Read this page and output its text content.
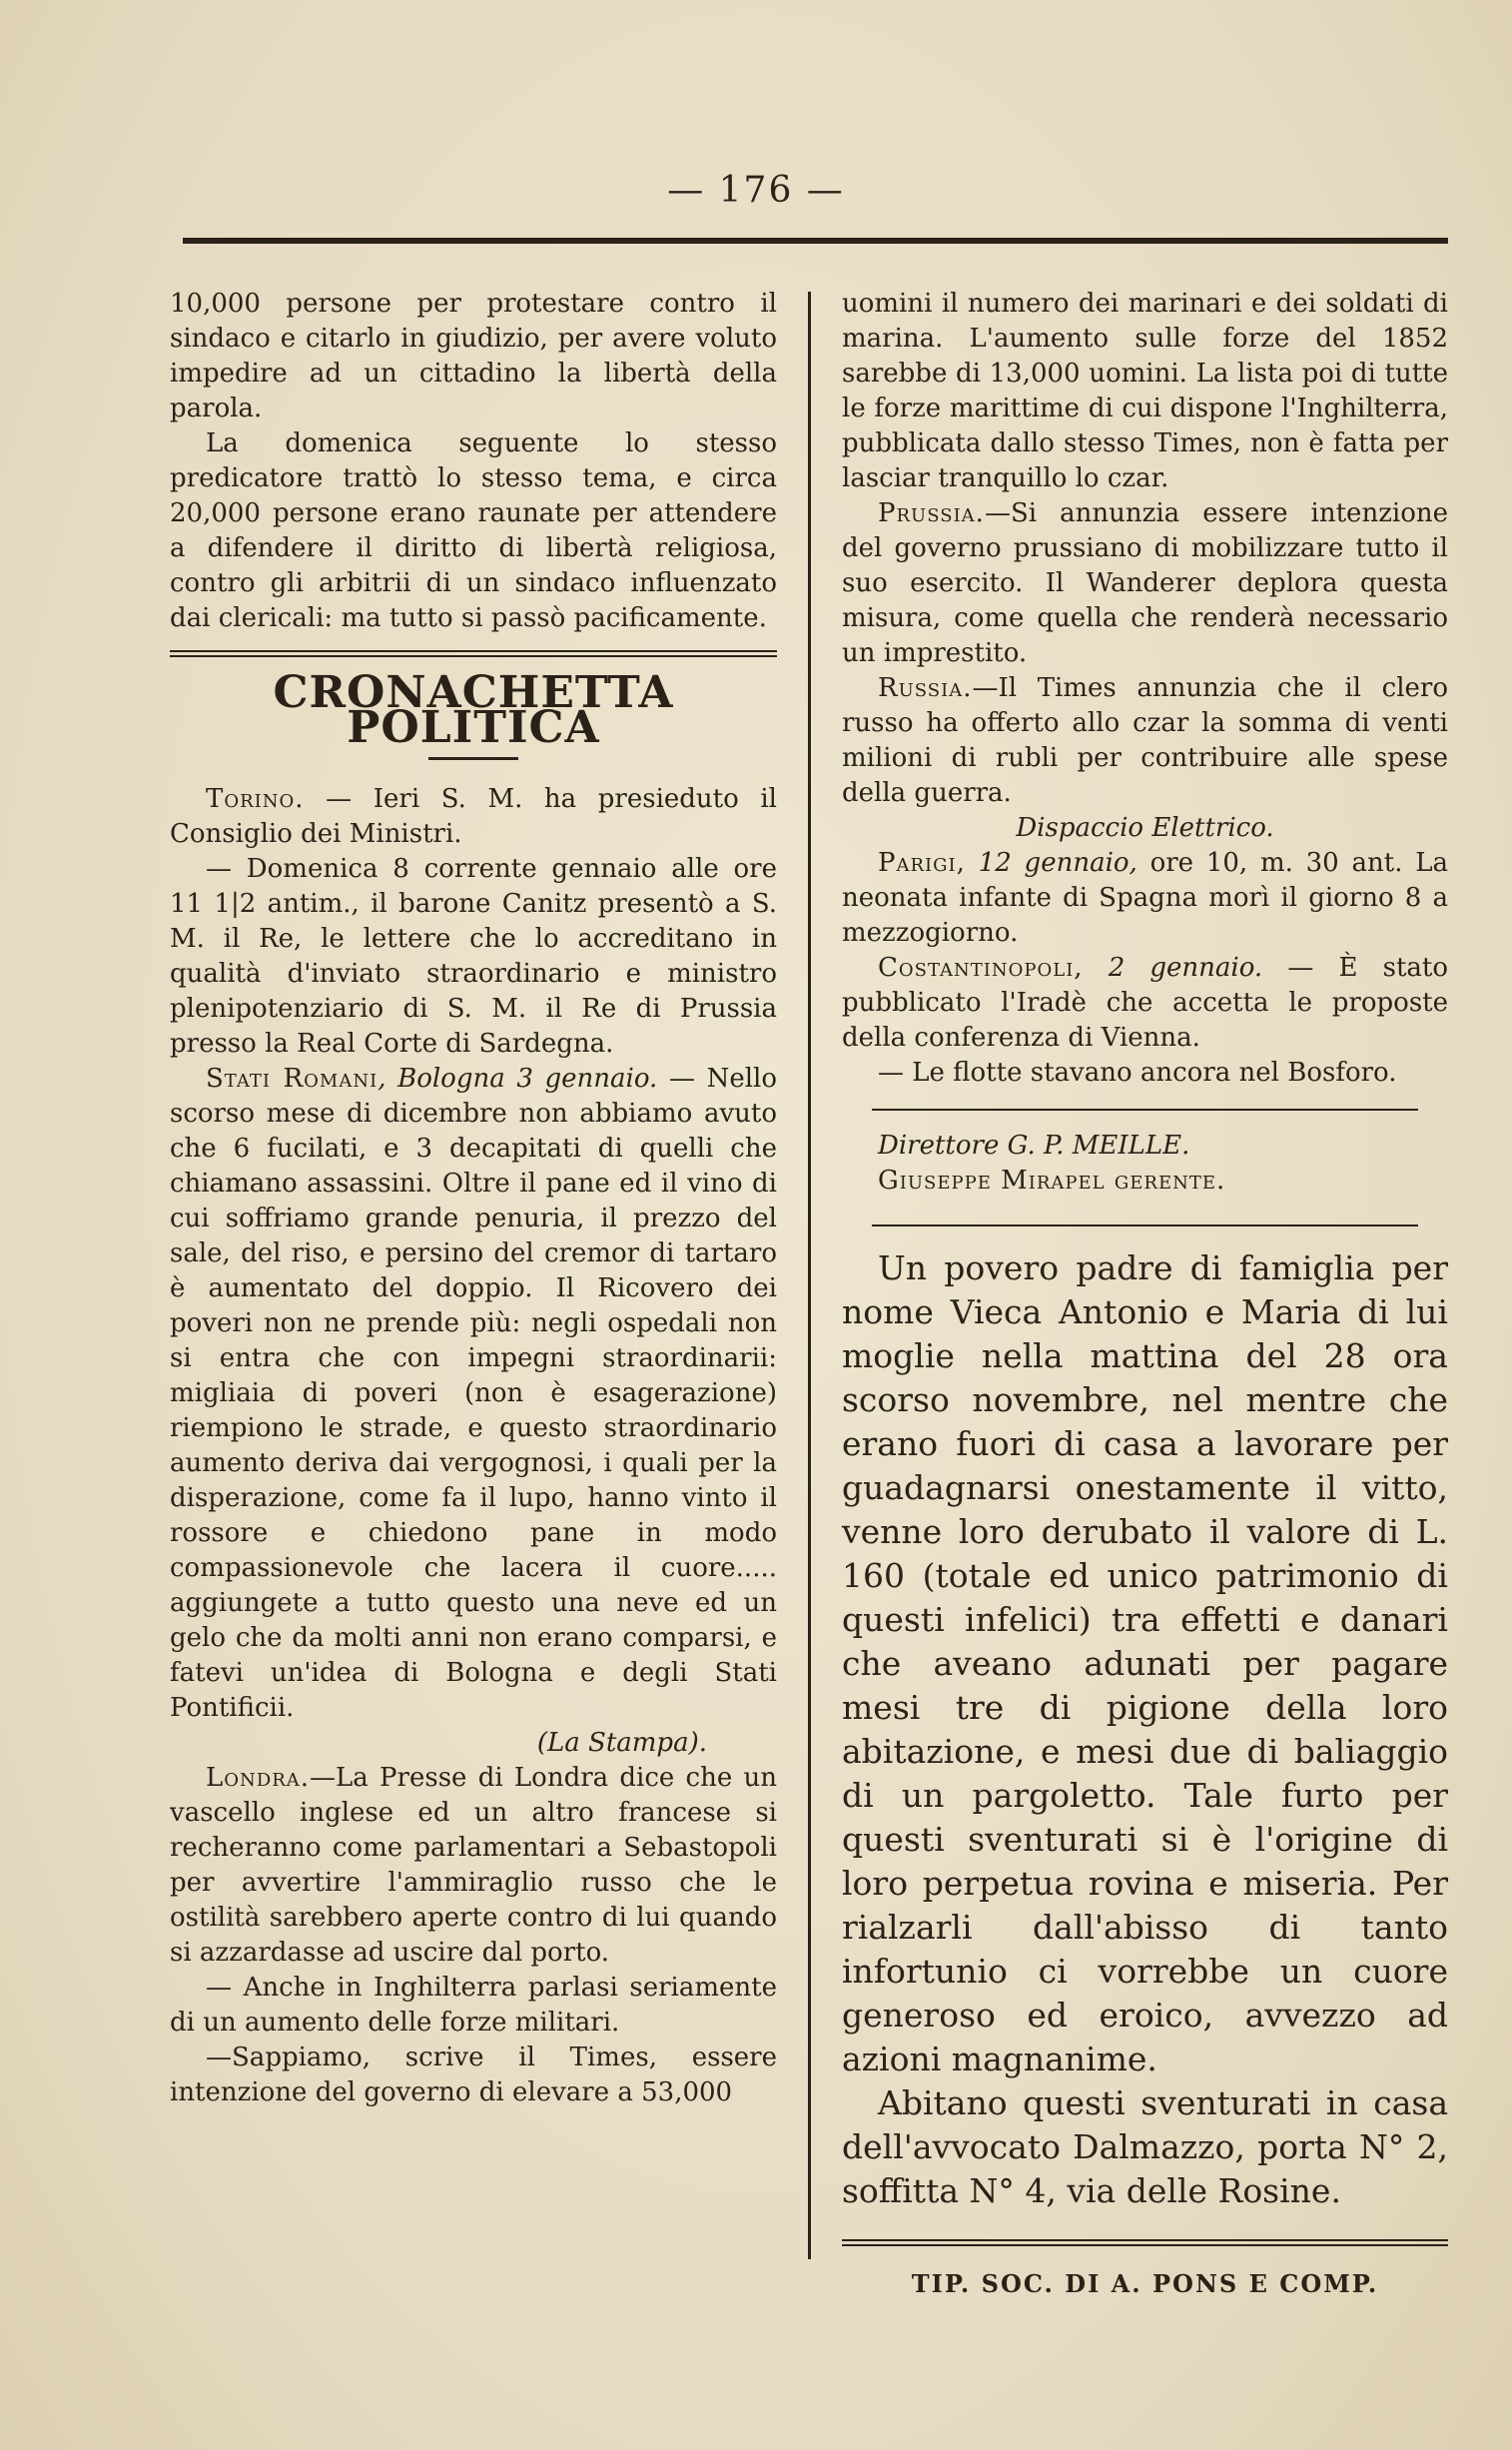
— 176 —

10,000 persone per protestare contro il sindaco e citarlo in giudizio, per avere voluto impedire ad un cittadino la libertà della parola.

La domenica seguente lo stesso predicatore trattò lo stesso tema, e circa 20,000 persone erano raunate per attendere a difendere il diritto di libertà religiosa, contro gli arbitrii di un sindaco influenzato dai clericali: ma tutto si passò pacificamente.

CRONACHETTA POLITICA

Torino. — Ieri S. M. ha presieduto il Consiglio dei Ministri.

— Domenica 8 corrente gennaio alle ore 11 1|2 antim., il barone Canitz presentò a S. M. il Re, le lettere che lo accreditano in qualità d'inviato straordinario e ministro plenipotenziario di S. M. il Re di Prussia presso la Real Corte di Sardegna.

Stati Romani, Bologna 3 gennaio. — Nello scorso mese di dicembre non abbiamo avuto che 6 fucilati, e 3 decapitati di quelli che chiamano assassini. Oltre il pane ed il vino di cui soffriamo grande penuria, il prezzo del sale, del riso, e persino del cremor di tartaro è aumentato del doppio. Il Ricovero dei poveri non ne prende più: negli ospedali non si entra che con impegni straordinarii: migliaia di poveri (non è esagerazione) riempiono le strade, e questo straordinario aumento deriva dai vergognosi, i quali per la disperazione, come fa il lupo, hanno vinto il rossore e chiedono pane in modo compassionevole che lacera il cuore..... aggiungete a tutto questo una neve ed un gelo che da molti anni non erano comparsi, e fatevi un'idea di Bologna e degli Stati Pontificii.

(La Stampa).

Londra.—La Presse di Londra dice che un vascello inglese ed un altro francese si recheranno come parlamentari a Sebastopoli per avvertire l'ammiraglio russo che le ostilità sarebbero aperte contro di lui quando si azzardasse ad uscire dal porto.

— Anche in Inghilterra parlasi seriamente di un aumento delle forze militari.

—Sappiamo, scrive il Times, essere intenzione del governo di elevare a 53,000

uomini il numero dei marinari e dei soldati di marina. L'aumento sulle forze del 1852 sarebbe di 13,000 uomini. La lista poi di tutte le forze marittime di cui dispone l'Inghilterra, pubblicata dallo stesso Times, non è fatta per lasciar tranquillo lo czar.

Prussia.—Si annunzia essere intenzione del governo prussiano di mobilizzare tutto il suo esercito. Il Wanderer deplora questa misura, come quella che renderà necessario un imprestito.

Russia.—Il Times annunzia che il clero russo ha offerto allo czar la somma di venti milioni di rubli per contribuire alle spese della guerra.

Dispaccio Elettrico.

Parigi, 12 gennaio, ore 10, m. 30 ant. La neonata infante di Spagna morì il giorno 8 a mezzogiorno.

Costantinopoli, 2 gennaio. — È stato pubblicato l'Iradè che accetta le proposte della conferenza di Vienna.

— Le flotte stavano ancora nel Bosforo.

Direttore G. P. MEILLE.

Giuseppe Mirapel gerente.

Un povero padre di famiglia per nome Vieca Antonio e Maria di lui moglie nella mattina del 28 ora scorso novembre, nel mentre che erano fuori di casa a lavorare per guadagnarsi onestamente il vitto, venne loro derubato il valore di L. 160 (totale ed unico patrimonio di questi infelici) tra effetti e danari che aveano adunati per pagare mesi tre di pigione della loro abitazione, e mesi due di baliaggio di un pargoletto. Tale furto per questi sventurati si è l'origine di loro perpetua rovina e miseria. Per rialzarli dall'abisso di tanto infortunio ci vorrebbe un cuore generoso ed eroico, avvezzo ad azioni magnanime.

Abitano questi sventurati in casa dell'avvocato Dalmazzo, porta N° 2, soffitta N° 4, via delle Rosine.

TIP. SOC. DI A. PONS E COMP.
